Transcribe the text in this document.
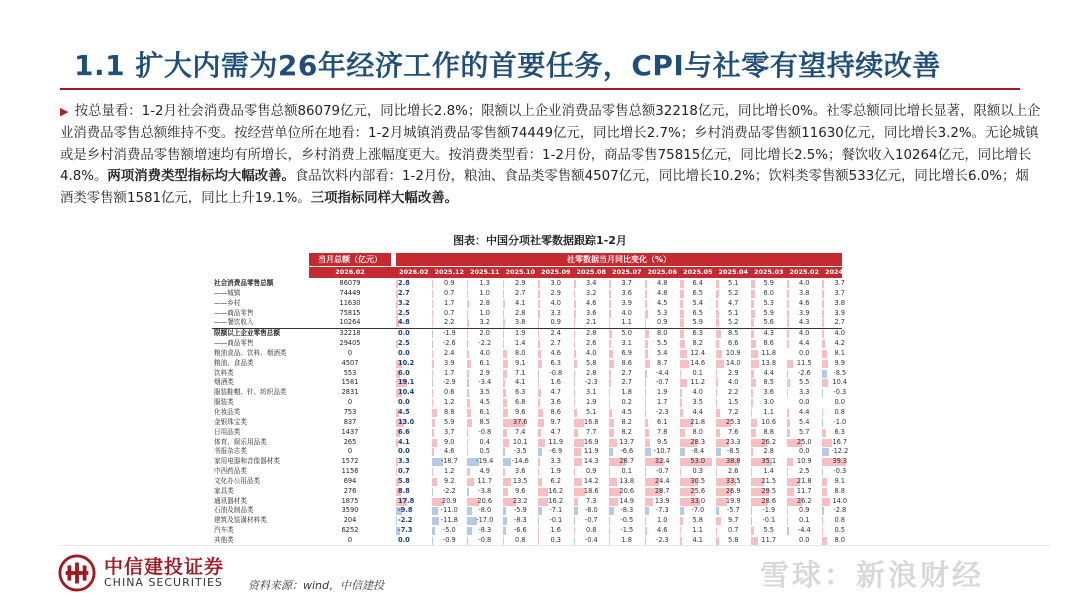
1.1 扩大内需为26年经济工作的首要任务，CPI与社零有望持续改善
▶ 按总量看：1-2月社会消费品零售总额86079亿元，同比增长2.8%；限额以上企业消费品零售总额32218亿元，同比增长0%。社零总额同比增长显著，限额以上企业消费品零售总额维持不变。按经营单位所在地看：1-2月城镇消费品零售额74449亿元，同比增长2.7%；乡村消费品零售额11630亿元，同比增长3.2%。无论城镇或是乡村消费品零售额增速均有所增长，乡村消费上涨幅度更大。按消费类型看：1-2月份，商品零售75815亿元，同比增长2.5%；餐饮收入10264亿元，同比增长4.8%。两项消费类型指标均大幅改善。食品饮料内部看：1-2月份，粮油、食品类零售额4507亿元，同比增长10.2%；饮料类零售额533亿元，同比增长6.0%；烟酒类零售额1581亿元，同比上升19.1%。三项指标同样大幅改善。
图表：中国分项社零数据跟踪1-2月
当月总额（亿元）	社零数据当月同比变化（%）
2026.02	2026.02 2025.12 2025.11 2025.10 2025.09 2025.08 2025.07 2025.06 2025.05 2025.04 2025.03 2025.02 2024.12
社会消费品零售总额	86079	2.8	0.9	1.3	2.9	3.0	3.4	3.7	4.8	6.4	5.1	5.9	4.0	3.7
——城镇	74449	2.7	0.7	1.0	2.7	2.9	3.2	3.6	4.8	6.5	5.2	6.0	3.8	3.7
——乡村	11630	3.2	1.7	2.8	4.1	4.0	4.6	3.9	4.5	5.4	4.7	5.3	4.6	3.8
——商品零售	75815	2.5	0.7	1.0	2.8	3.3	3.6	4.0	5.3	6.5	5.1	5.9	3.9	3.9
——餐饮收入	10264	4.8	2.2	3.2	3.8	0.9	2.1	1.1	0.9	5.9	5.2	5.6	4.3	2.7
限额以上企业零售总额	32218	0.0	-1.9	2.0	1.9	2.4	2.8	5.0	8.0	6.3	8.5	4.3	4.0	4.0
——商品零售	29405	2.5	-2.6	-2.2	1.4	2.7	2.6	3.1	5.5	8.2	6.6	8.6	4.4	4.2
粮油食品、饮料、烟酒类	0	0.0	2.4	4.0	8.0	4.6	4.0	6.9	5.4	12.4	10.9	11.8	0.0	8.1
粮油、食品类	4507	10.2	3.9	6.1	9.1	6.3	5.8	8.6	8.7	14.6	14.0	13.8	11.5	9.9
饮料类	553	6.0	1.7	2.9	7.1	-0.8	2.8	2.7	-4.4	0.1	2.9	4.4	-2.6	-8.5
烟酒类	1581	19.1	-2.9	-3.4	4.1	1.6	-2.3	2.7	-0.7	11.2	4.0	8.5	5.5	10.4
服装鞋帽、针、纺织品类	2831	10.4	0.6	3.5	6.3	4.7	3.1	1.8	1.9	4.0	2.2	3.6	3.3	-0.3
服装类	0	0.0	1.2	4.5	6.8	3.6	1.9	0.2	1.7	3.5	1.5	3.0	0.0	0.0
化妆品类	753	4.5	8.8	6.1	9.6	8.6	5.1	4.5	-2.3	4.4	7.2	1.1	4.4	0.8
金银珠宝类	837	13.0	5.9	8.5	37.6	9.7	16.8	8.2	6.1	21.8	25.3	10.6	5.4	-1.0
日用品类	1437	6.6	3.7	-0.8	7.4	4.7	7.7	8.2	7.8	8.0	7.6	8.8	5.7	6.3
体育、娱乐用品类	265	4.1	9.0	0.4	10.1	11.9	16.9	13.7	9.5	28.3	23.3	26.2	25.0	16.7
书报杂志类	0	0.0	4.6	0.5	-3.5	-6.9	11.9	-6.6	-10.7	-8.4	-8.5	2.8	0.0	-12.2
家用电器和音像器材类	1572	3.3	-18.7	-19.4	-14.6	3.3	14.3	28.7	32.4	53.0	38.8	35.1	10.9	39.3
中西药品类	1156	0.7	1.2	4.9	3.6	1.9	0.9	0.1	-0.7	0.3	2.6	1.4	2.5	-0.3
文化办公用品类	694	5.8	9.2	11.7	13.5	6.2	14.2	13.8	24.4	30.5	33.5	21.5	21.8	9.1
家具类	276	8.8	-2.2	-3.8	9.6	16.2	18.6	20.6	28.7	25.6	26.9	29.5	11.7	8.8
通讯器材类	1875	17.8	20.9	20.6	23.2	16.2	7.3	14.9	13.9	33.0	19.9	28.6	26.2	14.0
石油及制品类	3590	-9.8	-11.0	-8.0	-5.9	-7.1	-8.0	-8.3	-7.3	-7.0	-5.7	-1.9	0.9	-2.8
建筑及装潢材料类	204	-2.2	-11.8	-17.0	-8.3	-0.1	-0.7	-0.5	1.0	5.8	9.7	-0.1	0.1	0.8
汽车类	6252	-7.3	-5.0	-8.3	-6.6	1.6	0.8	-1.5	4.6	1.1	0.7	5.5	-4.4	0.5
其他类	0	0.0	-0.9	-0.8	0.8	0.3	-0.4	1.8	-2.3	4.1	5.8	11.7	0.0	8.0
中信建投证券
CHINA SECURITIES 资料来源：wind，中信建投	雪球：新浪财经
